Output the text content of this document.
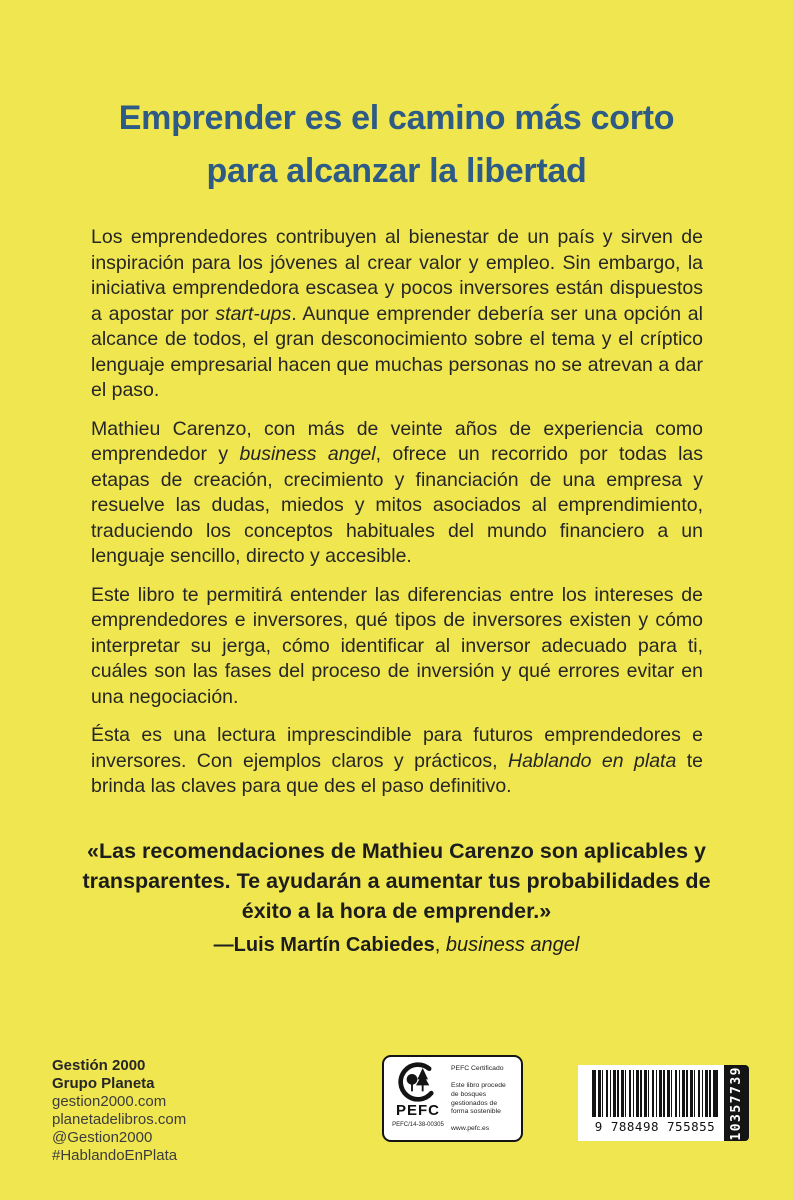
Emprender es el camino más corto
para alcanzar la libertad

Los emprendedores contribuyen al bienestar de un país y sirven de inspiración para los jóvenes al crear valor y empleo. Sin embargo, la iniciativa emprendedora escasea y pocos inversores están dispuestos a apostar por start-ups. Aunque emprender debería ser una opción al alcance de todos, el gran desconocimiento sobre el tema y el críptico lenguaje empresarial hacen que muchas personas no se atrevan a dar el paso.

Mathieu Carenzo, con más de veinte años de experiencia como emprendedor y business angel, ofrece un recorrido por todas las etapas de creación, crecimiento y financiación de una empresa y resuelve las dudas, miedos y mitos asociados al emprendimiento, traduciendo los conceptos habituales del mundo financiero a un lenguaje sencillo, directo y accesible.

Este libro te permitirá entender las diferencias entre los intereses de emprendedores e inversores, qué tipos de inversores existen y cómo interpretar su jerga, cómo identificar al inversor adecuado para ti, cuáles son las fases del proceso de inversión y qué errores evitar en una negociación.

Ésta es una lectura imprescindible para futuros emprendedores e inversores. Con ejemplos claros y prácticos, Hablando en plata te brinda las claves para que des el paso definitivo.

«Las recomendaciones de Mathieu Carenzo son aplicables y transparentes. Te ayudarán a aumentar tus probabilidades de éxito a la hora de emprender.»

—Luis Martín Cabiedes, business angel

Gestión 2000
Grupo Planeta
gestion2000.com
planetadelibros.com
@Gestion2000
#HablandoEnPlata
PEFC
PEFC/14-38-00305
PEFC Certificado
Este libro procede de bosques gestionados de forma sostenible
www.pefc.es	9 788498 755855 10357739
